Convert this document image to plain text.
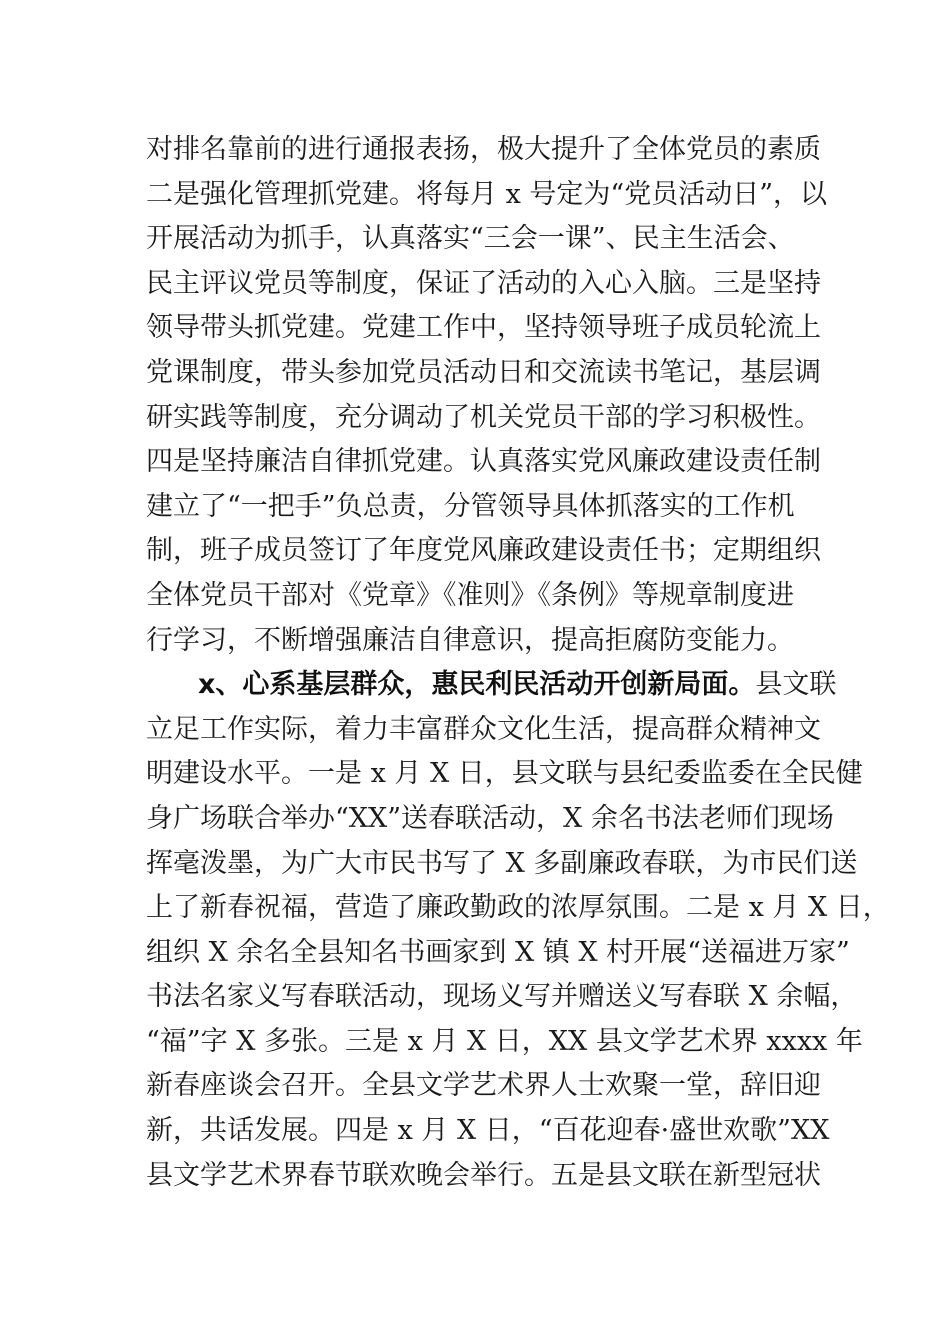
对排名靠前的进行通报表扬，极大提升了全体党员的素质
二是强化管理抓党建。将每月 x 号定为“党员活动日”，以
开展活动为抓手，认真落实“三会一课”、民主生活会、
民主评议党员等制度，保证了活动的入心入脑。三是坚持
领导带头抓党建。党建工作中，坚持领导班子成员轮流上
党课制度，带头参加党员活动日和交流读书笔记，基层调
研实践等制度，充分调动了机关党员干部的学习积极性。
四是坚持廉洁自律抓党建。认真落实党风廉政建设责任制
建立了“一把手”负总责，分管领导具体抓落实的工作机
制，班子成员签订了年度党风廉政建设责任书；定期组织
全体党员干部对《党章》《准则》《条例》等规章制度进
行学习，不断增强廉洁自律意识，提高拒腐防变能力。
x、心系基层群众，惠民利民活动开创新局面。县文联
立足工作实际，着力丰富群众文化生活，提高群众精神文
明建设水平。一是 x 月 X 日，县文联与县纪委监委在全民健
身广场联合举办“XX”送春联活动，X 余名书法老师们现场
挥毫泼墨，为广大市民书写了 X 多副廉政春联，为市民们送
上了新春祝福，营造了廉政勤政的浓厚氛围。二是 x 月 X 日，
组织 X 余名全县知名书画家到 X 镇 X 村开展“送福进万家”
书法名家义写春联活动，现场义写并赠送义写春联 X 余幅，
“福”字 X 多张。三是 x 月 X 日，XX 县文学艺术界 xxxx 年
新春座谈会召开。全县文学艺术界人士欢聚一堂，辞旧迎
新，共话发展。四是 x 月 X 日，“百花迎春·盛世欢歌”XX
县文学艺术界春节联欢晚会举行。五是县文联在新型冠状
